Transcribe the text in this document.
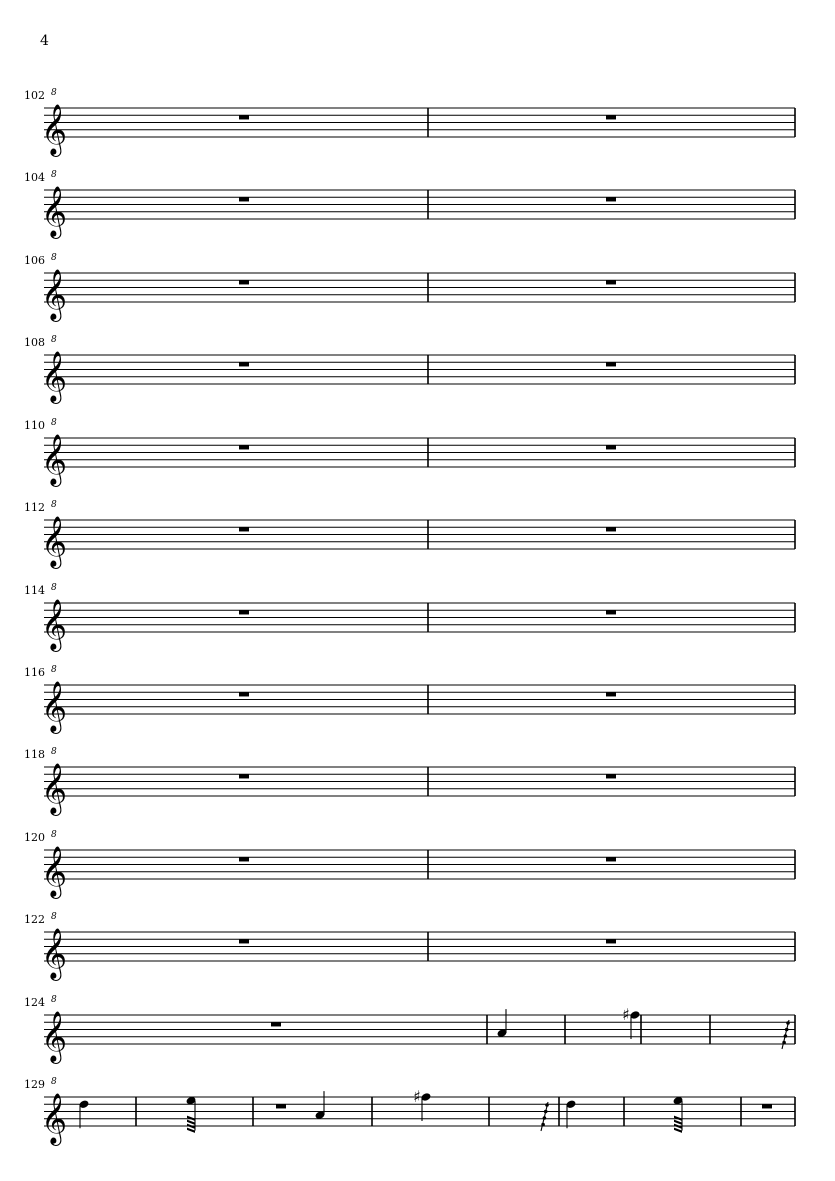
4
𝄞
8
102
𝄞
8
104
𝄞
8
106
𝄞
8
108
𝄞
8
110
𝄞
8
112
𝄞
8
114
𝄞
8
116
𝄞
8
118
𝄞
8
120
𝄞
8
122
𝄞
8
124
♯
𝄞
8
129
♯
